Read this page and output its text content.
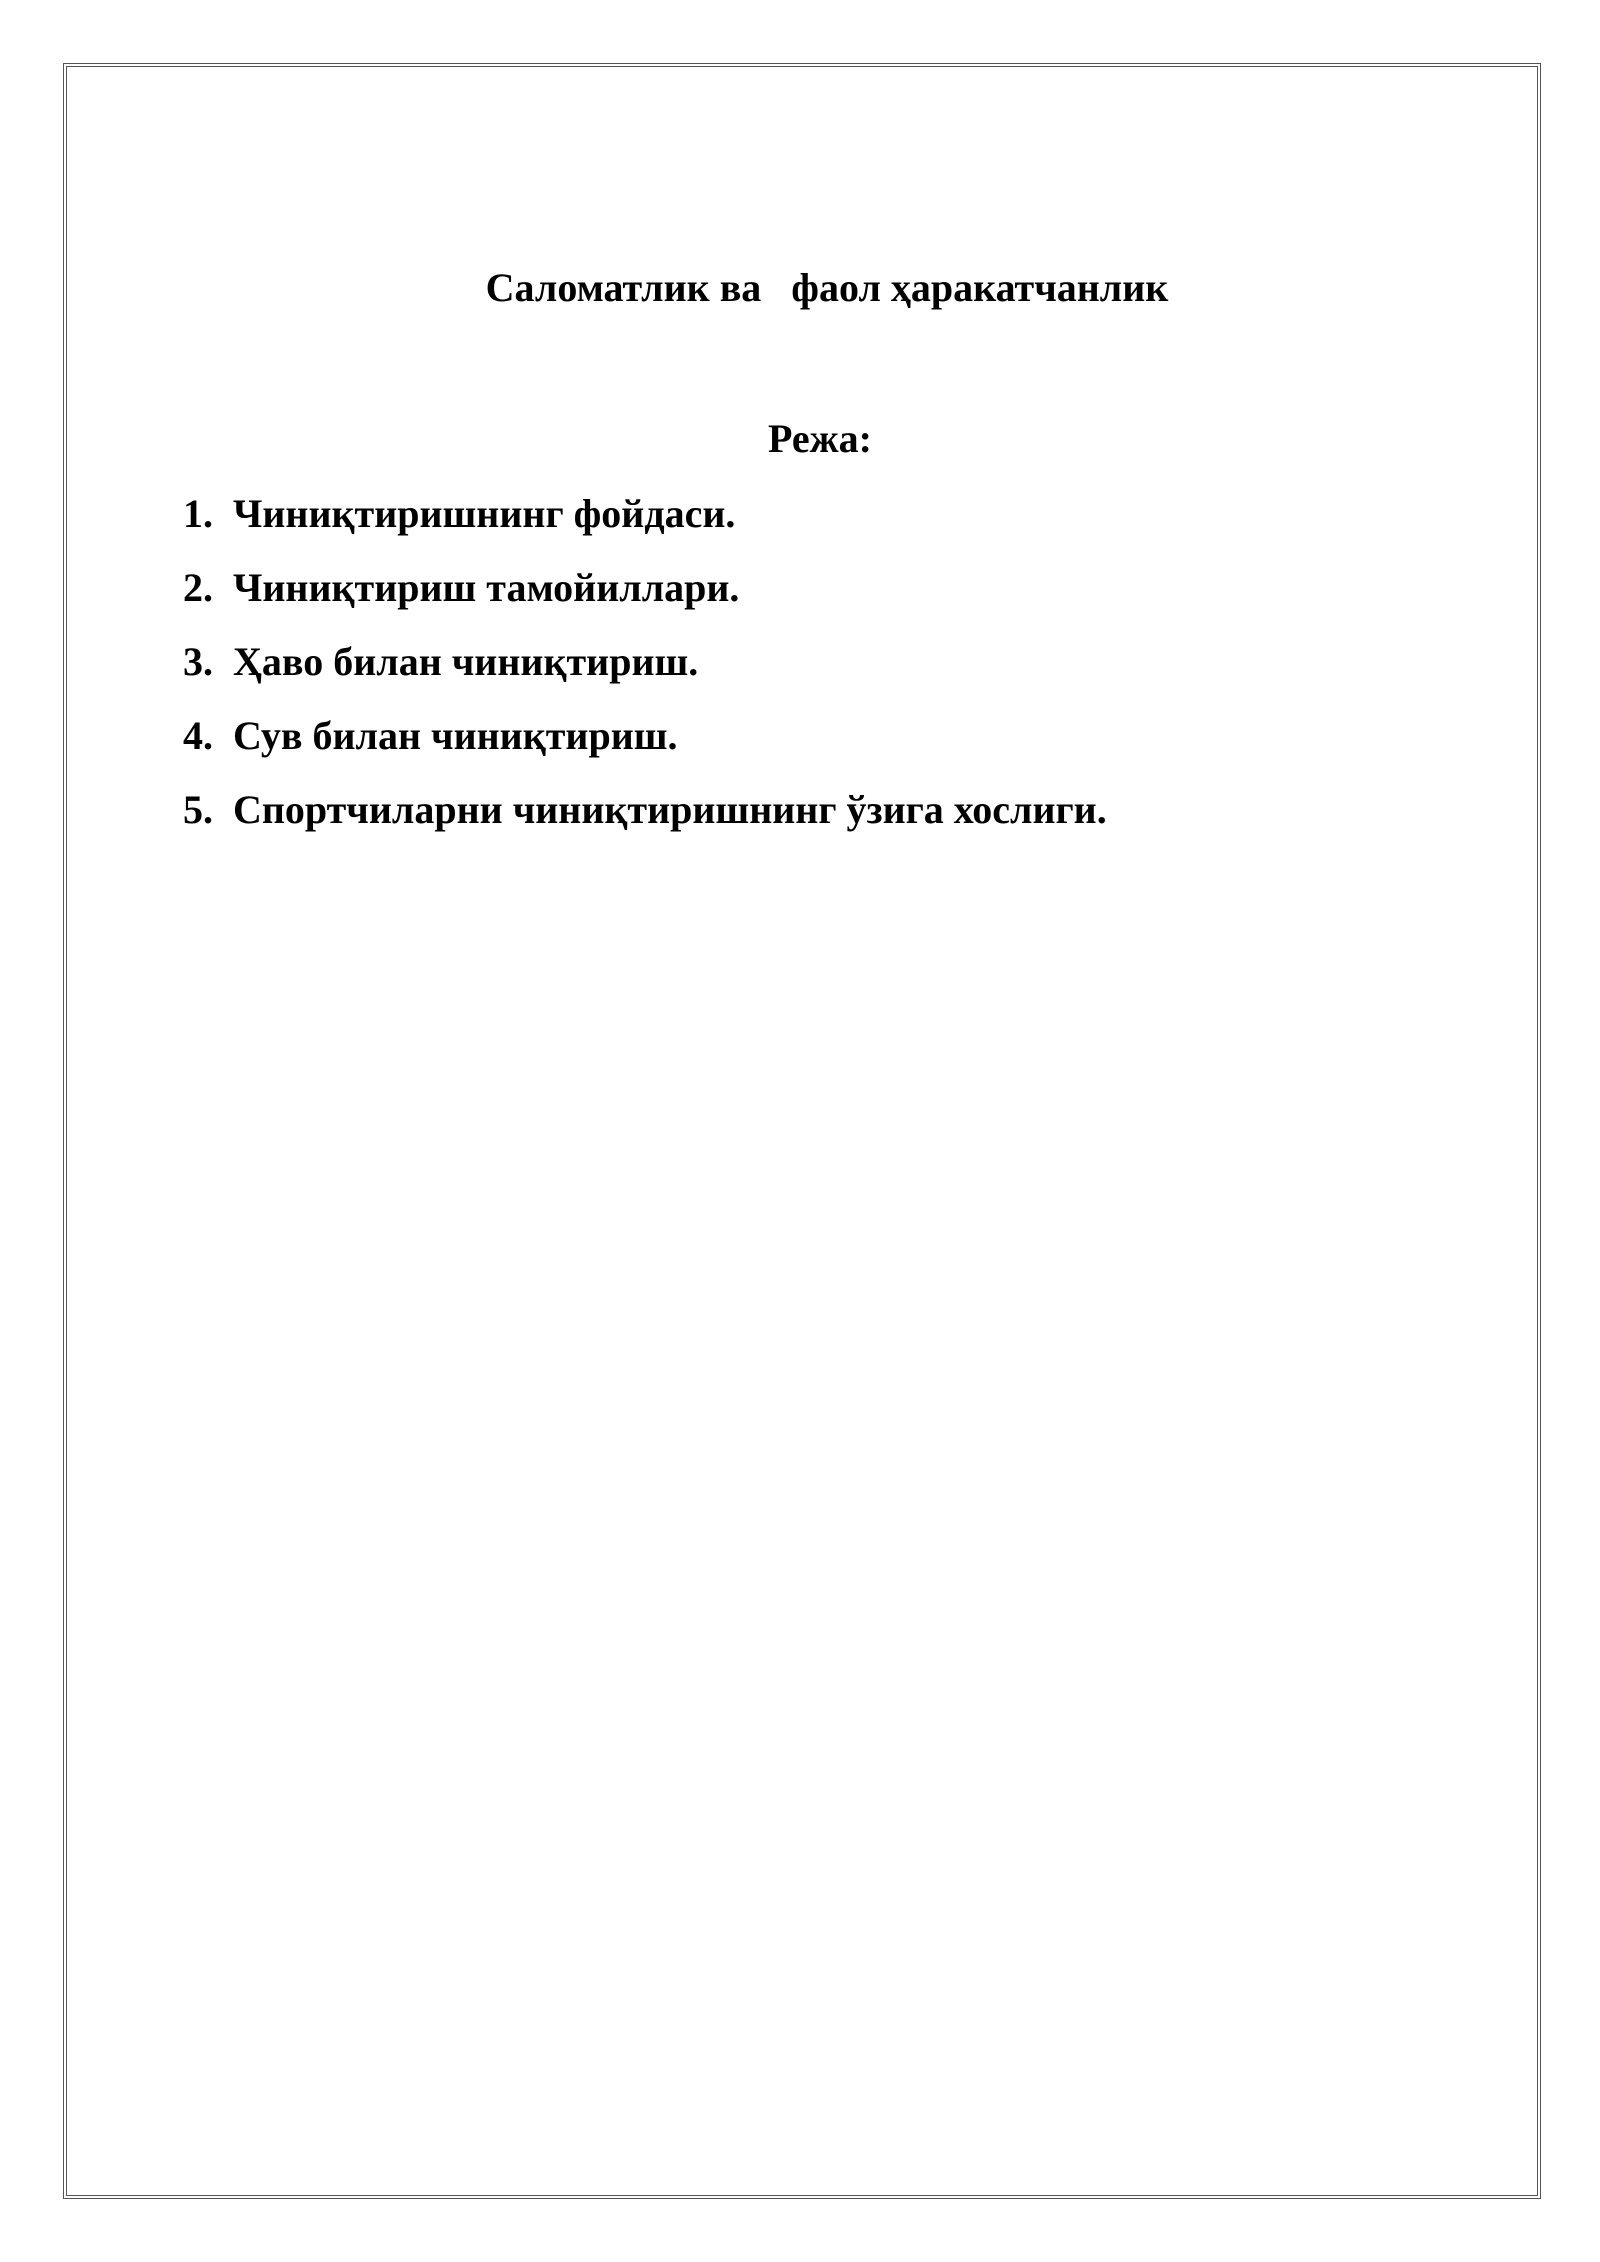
Саломатлик ва   фаол ҳаракатчанлик
Режа:
1. Чиниқтиришнинг фойдаси.
2. Чиниқтириш тамойиллари.
3. Ҳаво билан чиниқтириш.
4. Сув билан чиниқтириш.
5. Спортчиларни чиниқтиришнинг ўзига хослиги.
